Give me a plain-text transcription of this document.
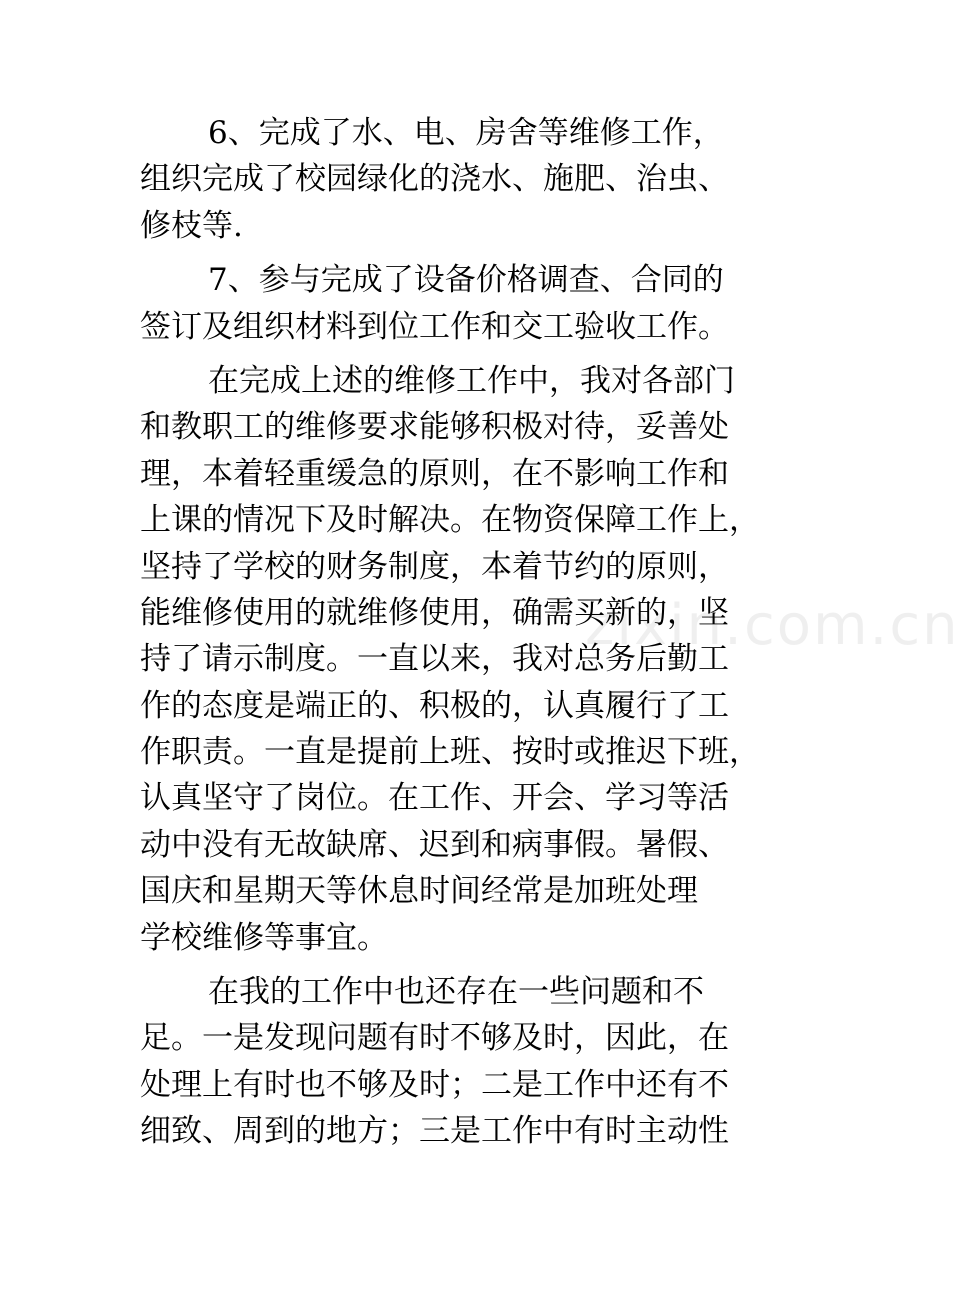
zixin.com.cn
6、完成了水、电、房舍等维修工作，
组织完成了校园绿化的浇水、施肥、治虫、
修枝等.
7、参与完成了设备价格调查、合同的
签订及组织材料到位工作和交工验收工作。
在完成上述的维修工作中，我对各部门
和教职工的维修要求能够积极对待，妥善处
理，本着轻重缓急的原则，在不影响工作和
上课的情况下及时解决。在物资保障工作上，
坚持了学校的财务制度，本着节约的原则，
能维修使用的就维修使用，确需买新的，坚
持了请示制度。一直以来，我对总务后勤工
作的态度是端正的、积极的，认真履行了工
作职责。一直是提前上班、按时或推迟下班，
认真坚守了岗位。在工作、开会、学习等活
动中没有无故缺席、迟到和病事假。暑假、
国庆和星期天等休息时间经常是加班处理
学校维修等事宜。
在我的工作中也还存在一些问题和不
足。一是发现问题有时不够及时，因此，在
处理上有时也不够及时；二是工作中还有不
细致、周到的地方；三是工作中有时主动性
